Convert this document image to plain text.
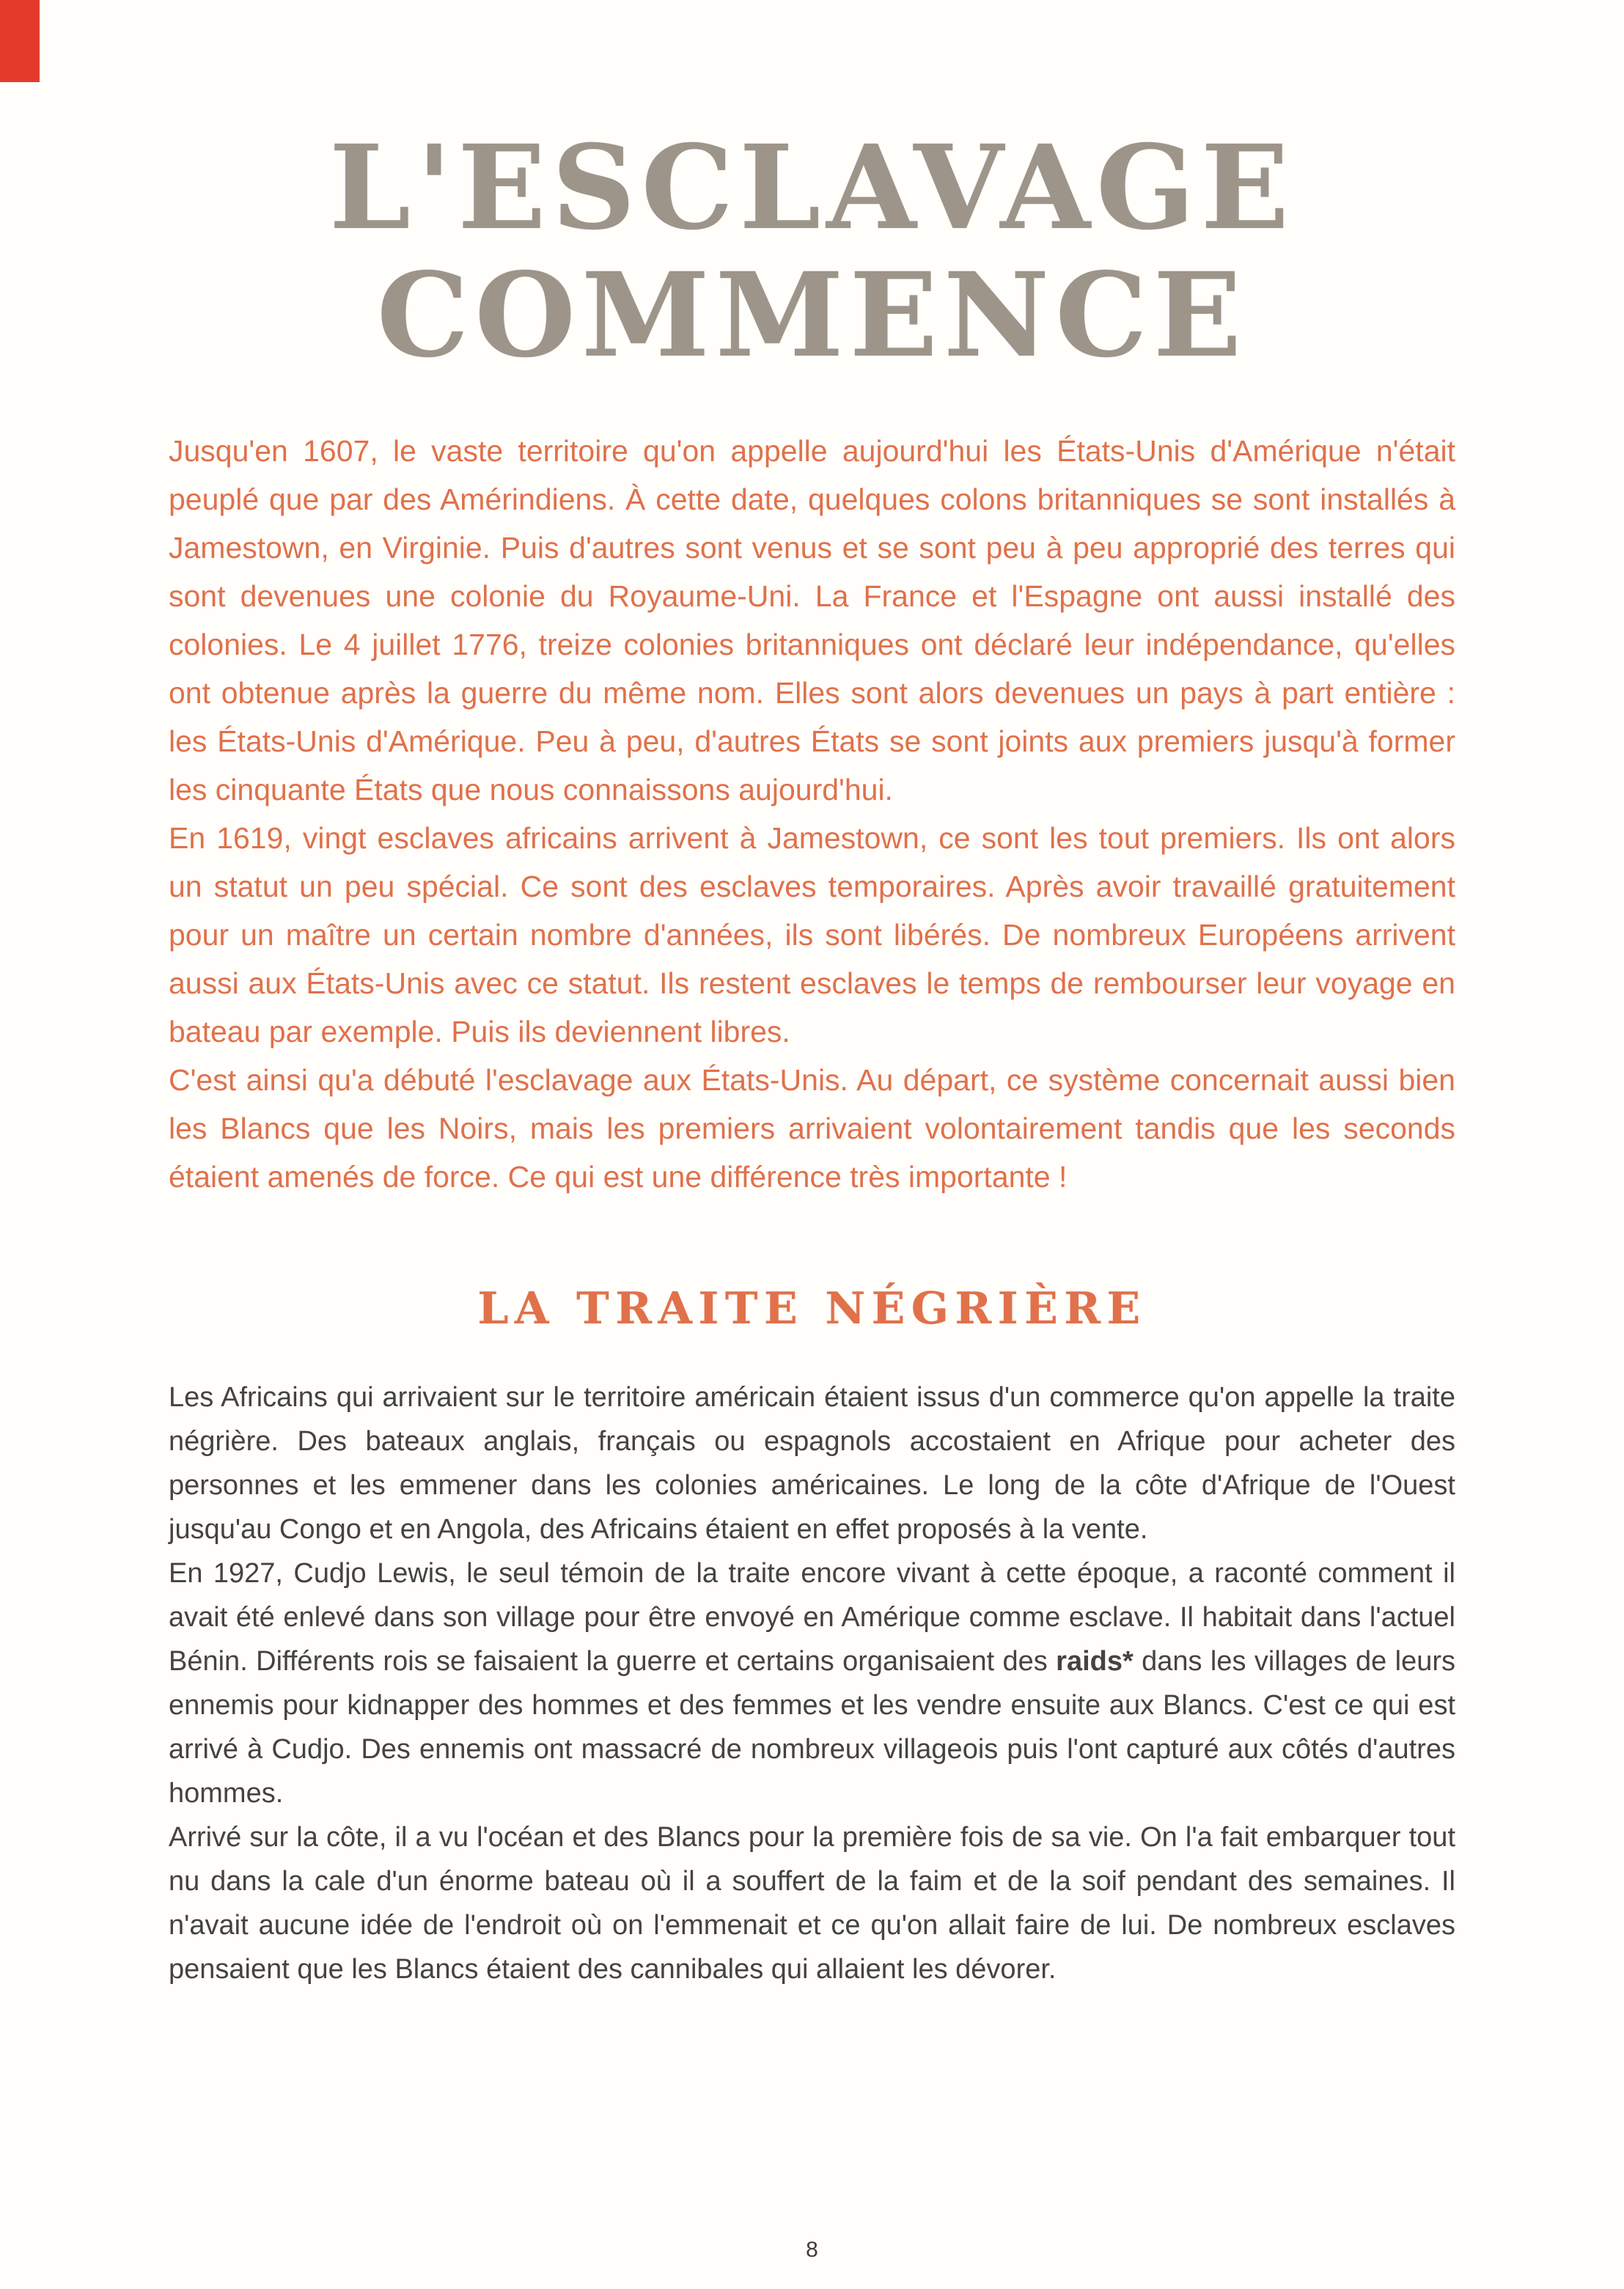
L'ESCLAVAGE
COMMENCE

Jusqu'en 1607, le vaste territoire qu'on appelle aujourd'hui les États-Unis d'Amérique n'était peuplé que par des Amérindiens. À cette date, quelques colons britanniques se sont installés à Jamestown, en Virginie. Puis d'autres sont venus et se sont peu à peu approprié des terres qui sont devenues une colonie du Royaume-Uni. La France et l'Espagne ont aussi installé des colonies. Le 4 juillet 1776, treize colonies britanniques ont déclaré leur indépendance, qu'elles ont obtenue après la guerre du même nom. Elles sont alors devenues un pays à part entière : les États-Unis d'Amérique. Peu à peu, d'autres États se sont joints aux premiers jusqu'à former les cinquante États que nous connaissons aujourd'hui.

En 1619, vingt esclaves africains arrivent à Jamestown, ce sont les tout premiers. Ils ont alors un statut un peu spécial. Ce sont des esclaves temporaires. Après avoir travaillé gratuitement pour un maître un certain nombre d'années, ils sont libérés. De nombreux Européens arrivent aussi aux États-Unis avec ce statut. Ils restent esclaves le temps de rembourser leur voyage en bateau par exemple. Puis ils deviennent libres.

C'est ainsi qu'a débuté l'esclavage aux États-Unis. Au départ, ce système concernait aussi bien les Blancs que les Noirs, mais les premiers arrivaient volontairement tandis que les seconds étaient amenés de force. Ce qui est une différence très importante !

LA TRAITE NÉGRIÈRE

Les Africains qui arrivaient sur le territoire américain étaient issus d'un commerce qu'on appelle la traite négrière. Des bateaux anglais, français ou espagnols accostaient en Afrique pour acheter des personnes et les emmener dans les colonies américaines. Le long de la côte d'Afrique de l'Ouest jusqu'au Congo et en Angola, des Africains étaient en effet proposés à la vente.

En 1927, Cudjo Lewis, le seul témoin de la traite encore vivant à cette époque, a raconté comment il avait été enlevé dans son village pour être envoyé en Amérique comme esclave. Il habitait dans l'actuel Bénin. Différents rois se faisaient la guerre et certains organisaient des raids* dans les villages de leurs ennemis pour kidnapper des hommes et des femmes et les vendre ensuite aux Blancs. C'est ce qui est arrivé à Cudjo. Des ennemis ont massacré de nombreux villageois puis l'ont capturé aux côtés d'autres hommes.

Arrivé sur la côte, il a vu l'océan et des Blancs pour la première fois de sa vie. On l'a fait embarquer tout nu dans la cale d'un énorme bateau où il a souffert de la faim et de la soif pendant des semaines. Il n'avait aucune idée de l'endroit où on l'emmenait et ce qu'on allait faire de lui. De nombreux esclaves pensaient que les Blancs étaient des cannibales qui allaient les dévorer.

8
